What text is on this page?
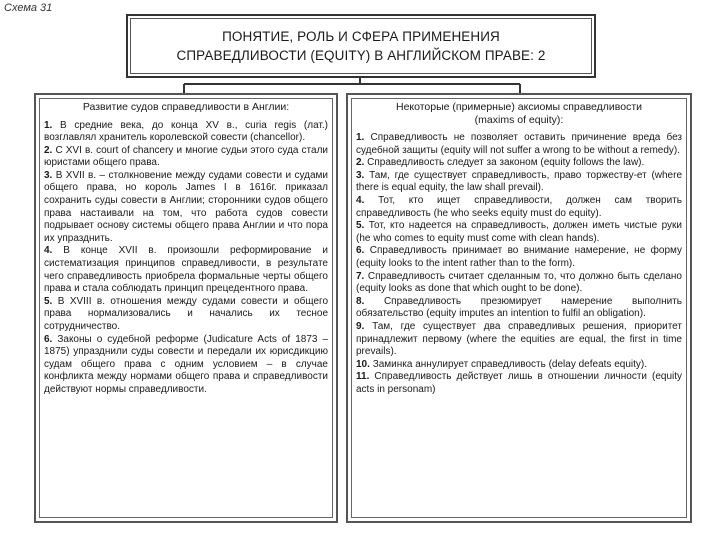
Схема 31
ПОНЯТИЕ, РОЛЬ И СФЕРА ПРИМЕНЕНИЯ
СПРАВЕДЛИВОСТИ (EQUITY) В АНГЛИЙСКОМ ПРАВЕ: 2
Развитие судов справедливости в Англии:

1. В средние века, до конца XV в., curia regis (лат.) возглавлял хранитель королевской совести (chancellor).

2. С XVI в. court of chancery и многие судьи этого суда стали юристами общего права.

3. В XVII в. – столкновение между судами совести и судами общего права, но король James I в 1616г. приказал сохранить суды совести в Англии; сторонники судов общего права настаивали на том, что работа судов совести подрывает основу системы общего права Англии и что пора их упразднить.

4. В конце XVII в. произошли реформирование и систематизация принципов справедливости, в результате чего справедливость приобрела формальные черты общего права и стала соблюдать принцип прецедентного права.

5. В XVIII в. отношения между судами совести и общего права нормализовались и начались их тесное сотрудничество.

6. Законы о судебной реформе (Judicature Acts of 1873 – 1875) упразднили суды совести и передали их юрисдикцию судам общего права с одним условием – в случае конфликта между нормами общего права и справедливости действуют нормы справедливости.

Некоторые (примерные) аксиомы справедливости
(maxims of equity):

1. Справедливость не позволяет оставить причинение вреда без судебной защиты (equity will not suffer a wrong to be without a remedy).

2. Справедливость следует за законом (equity follows the law).

3. Там, где существует справедливость, право торжеству-ет (where there is equal equity, the law shall prevail).

4. Тот, кто ищет справедливости, должен сам творить справедливость (he who seeks equity must do equity).

5. Тот, кто надеется на справедливость, должен иметь чистые руки (he who comes to equity must come with clean hands).

6. Справедливость принимает во внимание намерение, не форму (equity looks to the intent rather than to the form).

7. Справедливость считает сделанным то, что должно быть сделано (equity looks as done that which ought to be done).

8. Справедливость презюмирует намерение выполнить обязательство (equity imputes an intention to fulfil an obligation).

9. Там, где существует два справедливых решения, приоритет принадлежит первому (where the equities are equal, the first in time prevails).

10. Заминка аннулирует справедливость (delay defeats equity).

11. Справедливость действует лишь в отношении личности (equity acts in personam)
